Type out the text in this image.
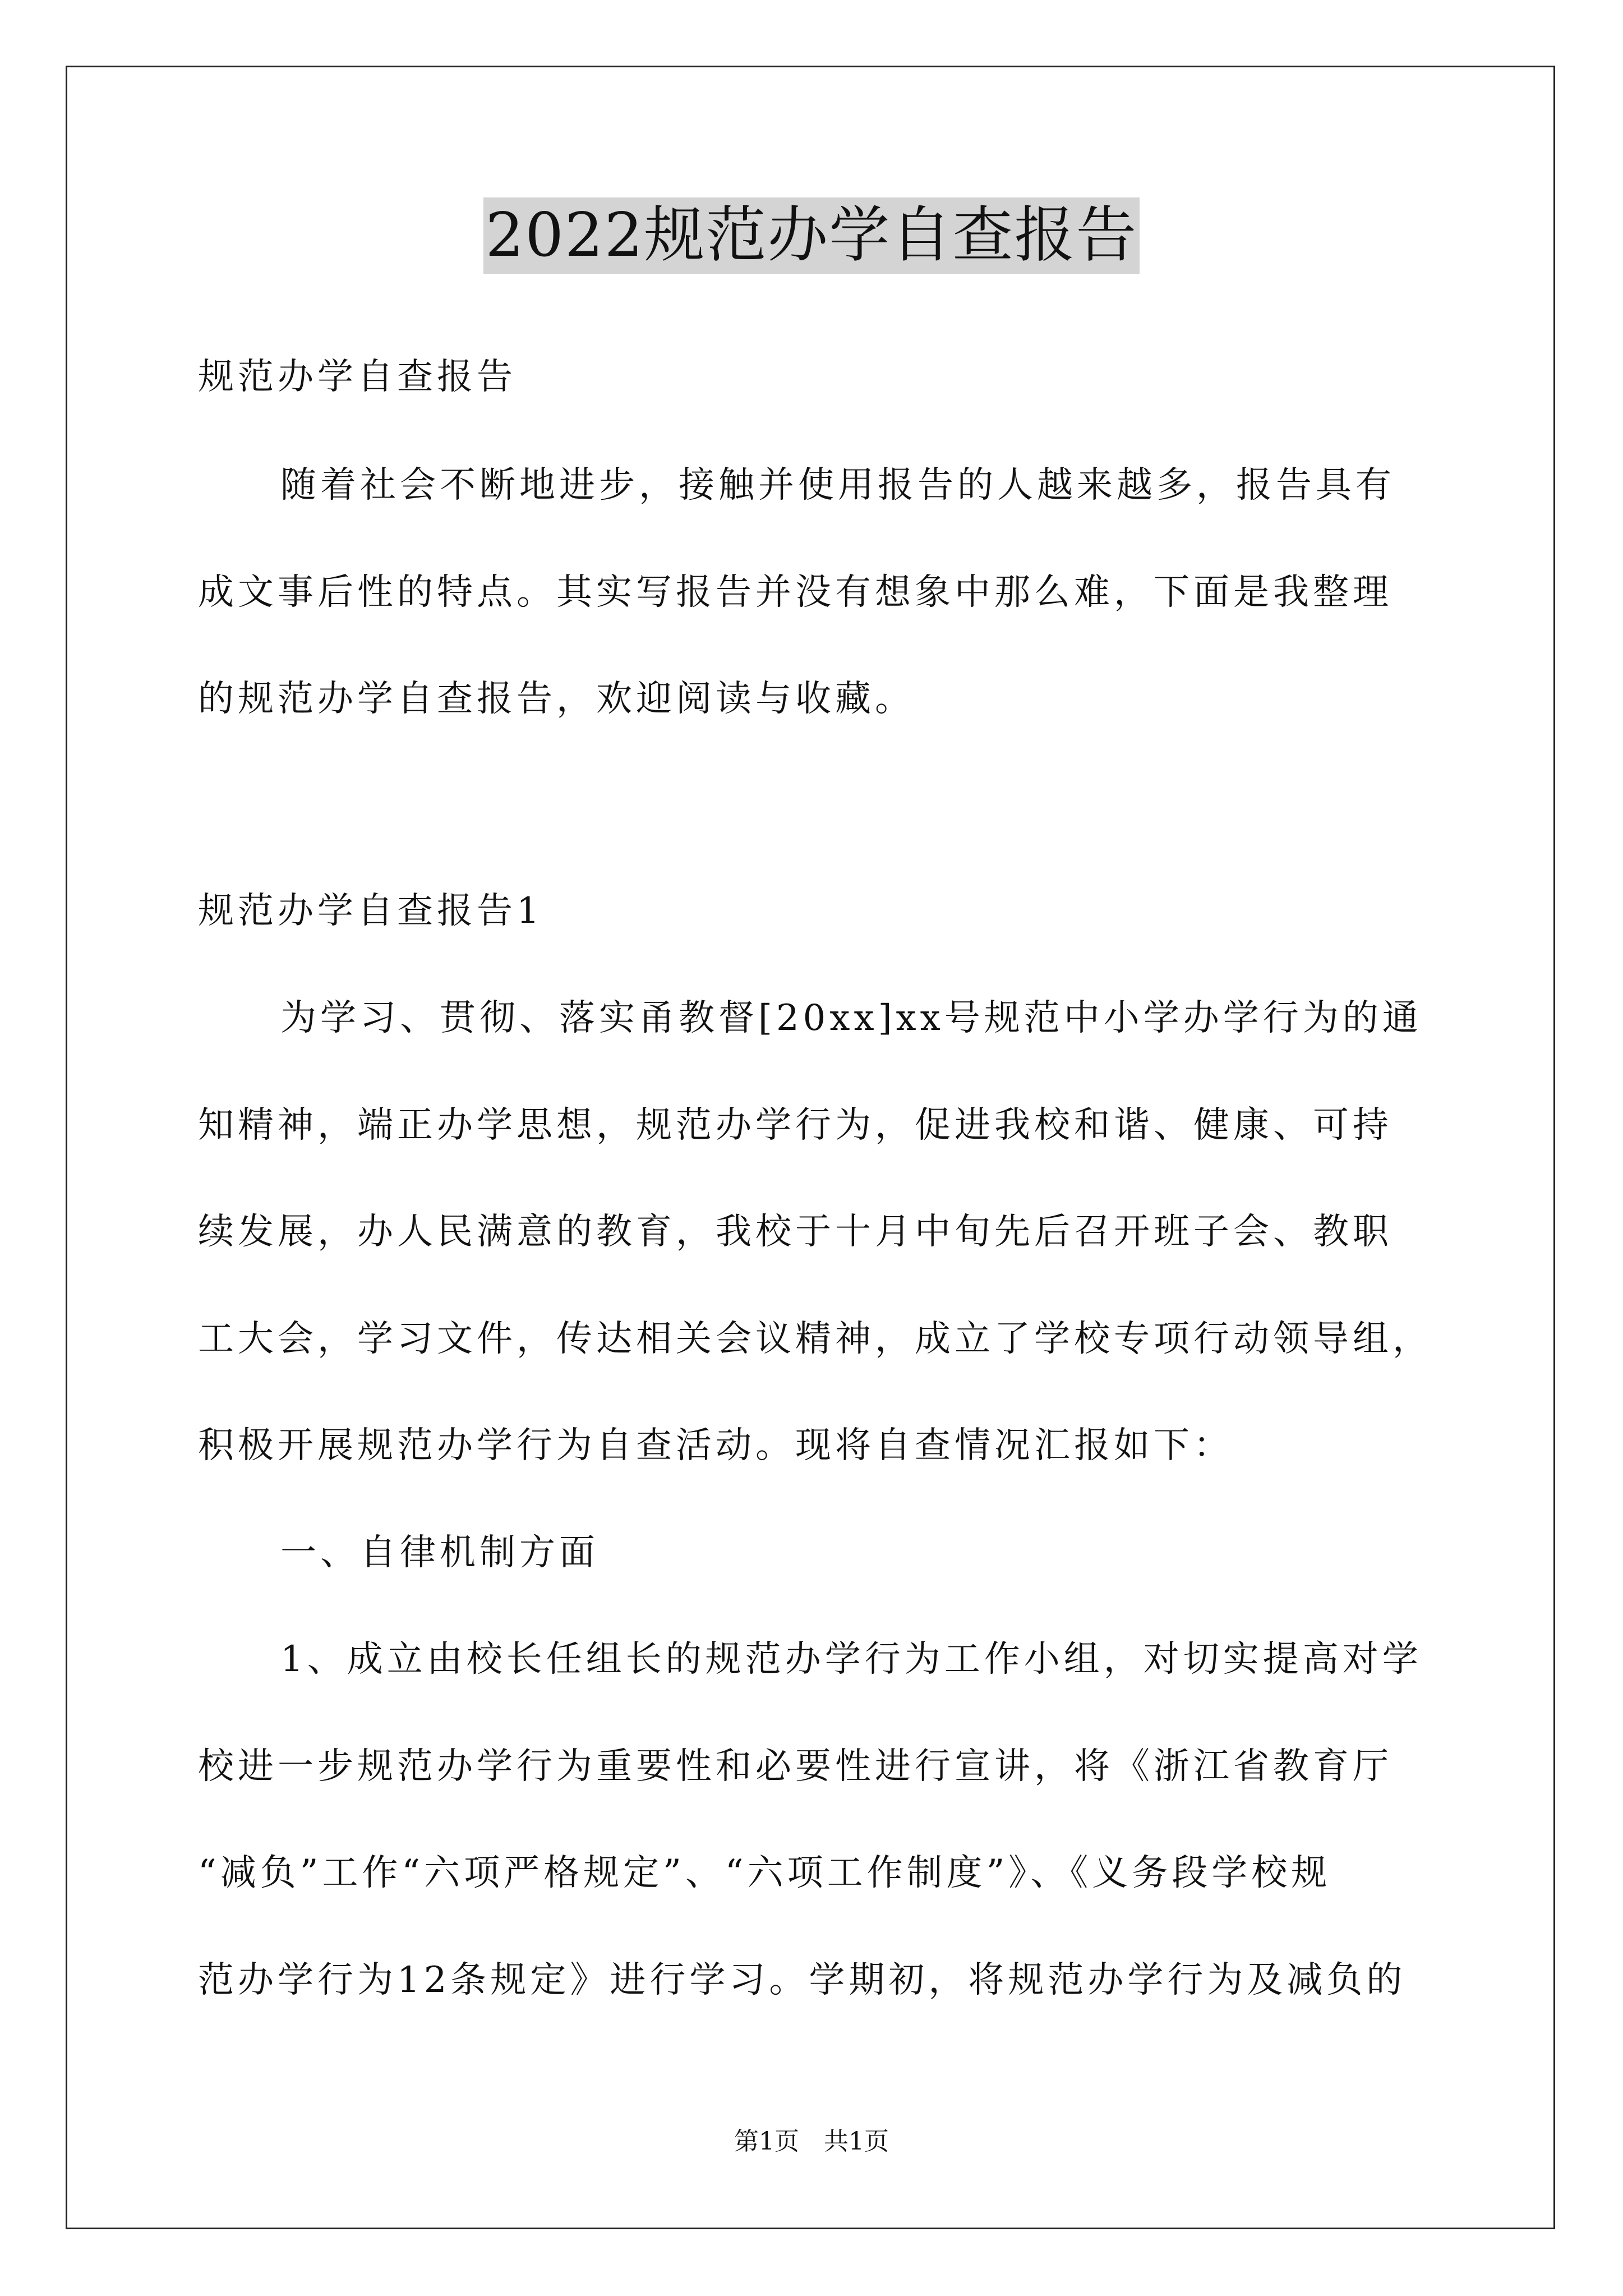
2022规范办学自查报告
规范办学自查报告
随着社会不断地进步，接触并使用报告的人越来越多，报告具有
成文事后性的特点。其实写报告并没有想象中那么难，下面是我整理
的规范办学自查报告，欢迎阅读与收藏。
规范办学自查报告1
为学习、贯彻、落实甬教督[20xx]xx号规范中小学办学行为的通
知精神，端正办学思想，规范办学行为，促进我校和谐、健康、可持
续发展，办人民满意的教育，我校于十月中旬先后召开班子会、教职
工大会，学习文件，传达相关会议精神，成立了学校专项行动领导组，
积极开展规范办学行为自查活动。现将自查情况汇报如下：
一、自律机制方面
1、成立由校长任组长的规范办学行为工作小组，对切实提高对学
校进一步规范办学行为重要性和必要性进行宣讲，将《浙江省教育厅
“减负”工作“六项严格规定”、“六项工作制度”》、《义务段学校规
范办学行为12条规定》进行学习。学期初，将规范办学行为及减负的
第1页　共1页
